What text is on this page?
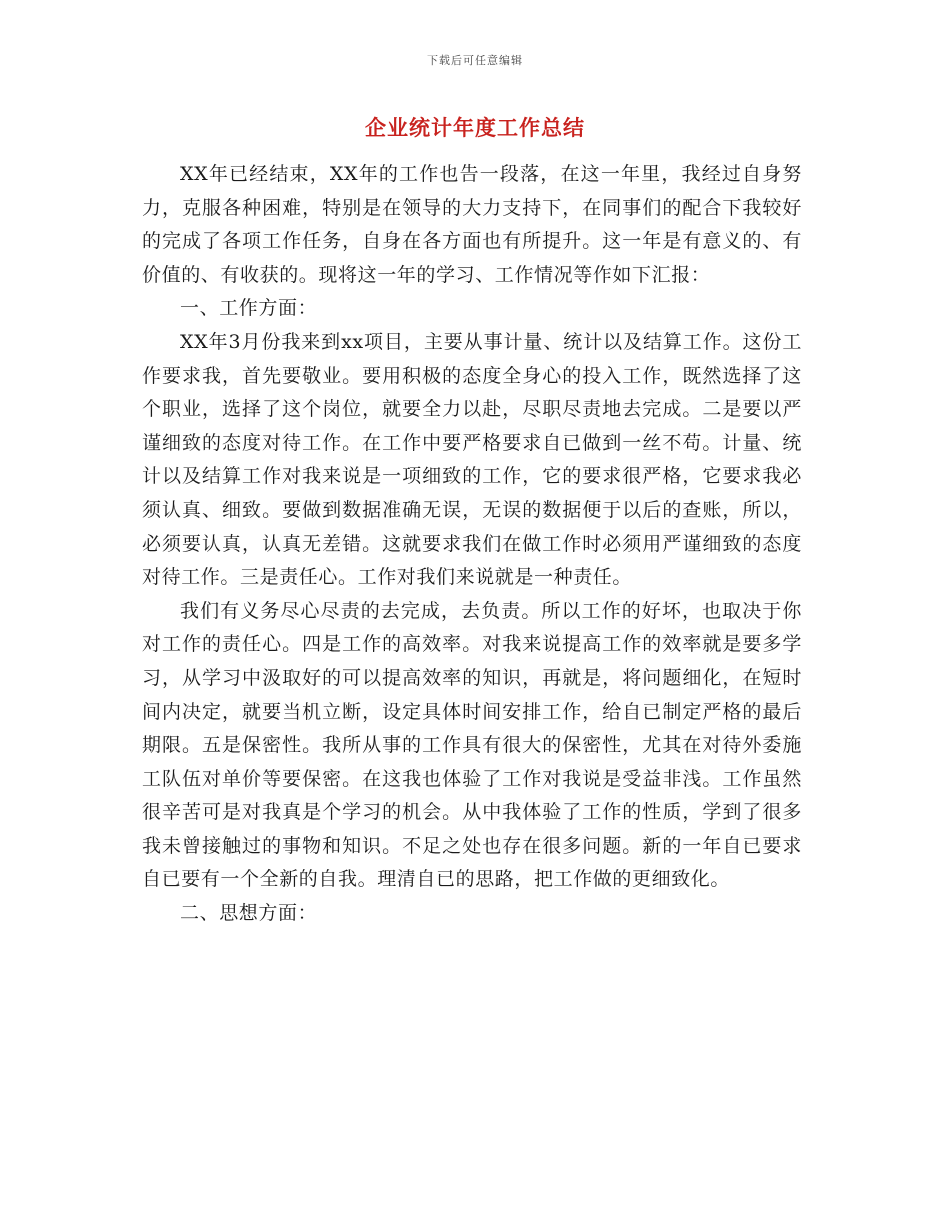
下载后可任意编辑
企业统计年度工作总结

XX年已经结束，XX年的工作也告一段落，在这一年里，我经过自身努力，克服各种困难，特别是在领导的大力支持下，在同事们的配合下我较好的完成了各项工作任务，自身在各方面也有所提升。这一年是有意义的、有价值的、有收获的。现将这一年的学习、工作情况等作如下汇报：

一、工作方面：

XX年3月份我来到xx项目，主要从事计量、统计以及结算工作。这份工作要求我，首先要敬业。要用积极的态度全身心的投入工作，既然选择了这个职业，选择了这个岗位，就要全力以赴，尽职尽责地去完成。二是要以严谨细致的态度对待工作。在工作中要严格要求自已做到一丝不苟。计量、统计以及结算工作对我来说是一项细致的工作，它的要求很严格，它要求我必须认真、细致。要做到数据准确无误，无误的数据便于以后的查账，所以，必须要认真，认真无差错。这就要求我们在做工作时必须用严谨细致的态度对待工作。三是责任心。工作对我们来说就是一种责任。

我们有义务尽心尽责的去完成，去负责。所以工作的好坏，也取决于你对工作的责任心。四是工作的高效率。对我来说提高工作的效率就是要多学习，从学习中汲取好的可以提高效率的知识，再就是，将问题细化，在短时间内决定，就要当机立断，设定具体时间安排工作，给自已制定严格的最后期限。五是保密性。我所从事的工作具有很大的保密性，尤其在对待外委施工队伍对单价等要保密。在这我也体验了工作对我说是受益非浅。工作虽然很辛苦可是对我真是个学习的机会。从中我体验了工作的性质，学到了很多我未曾接触过的事物和知识。不足之处也存在很多问题。新的一年自已要求自已要有一个全新的自我。理清自已的思路，把工作做的更细致化。

二、思想方面：
